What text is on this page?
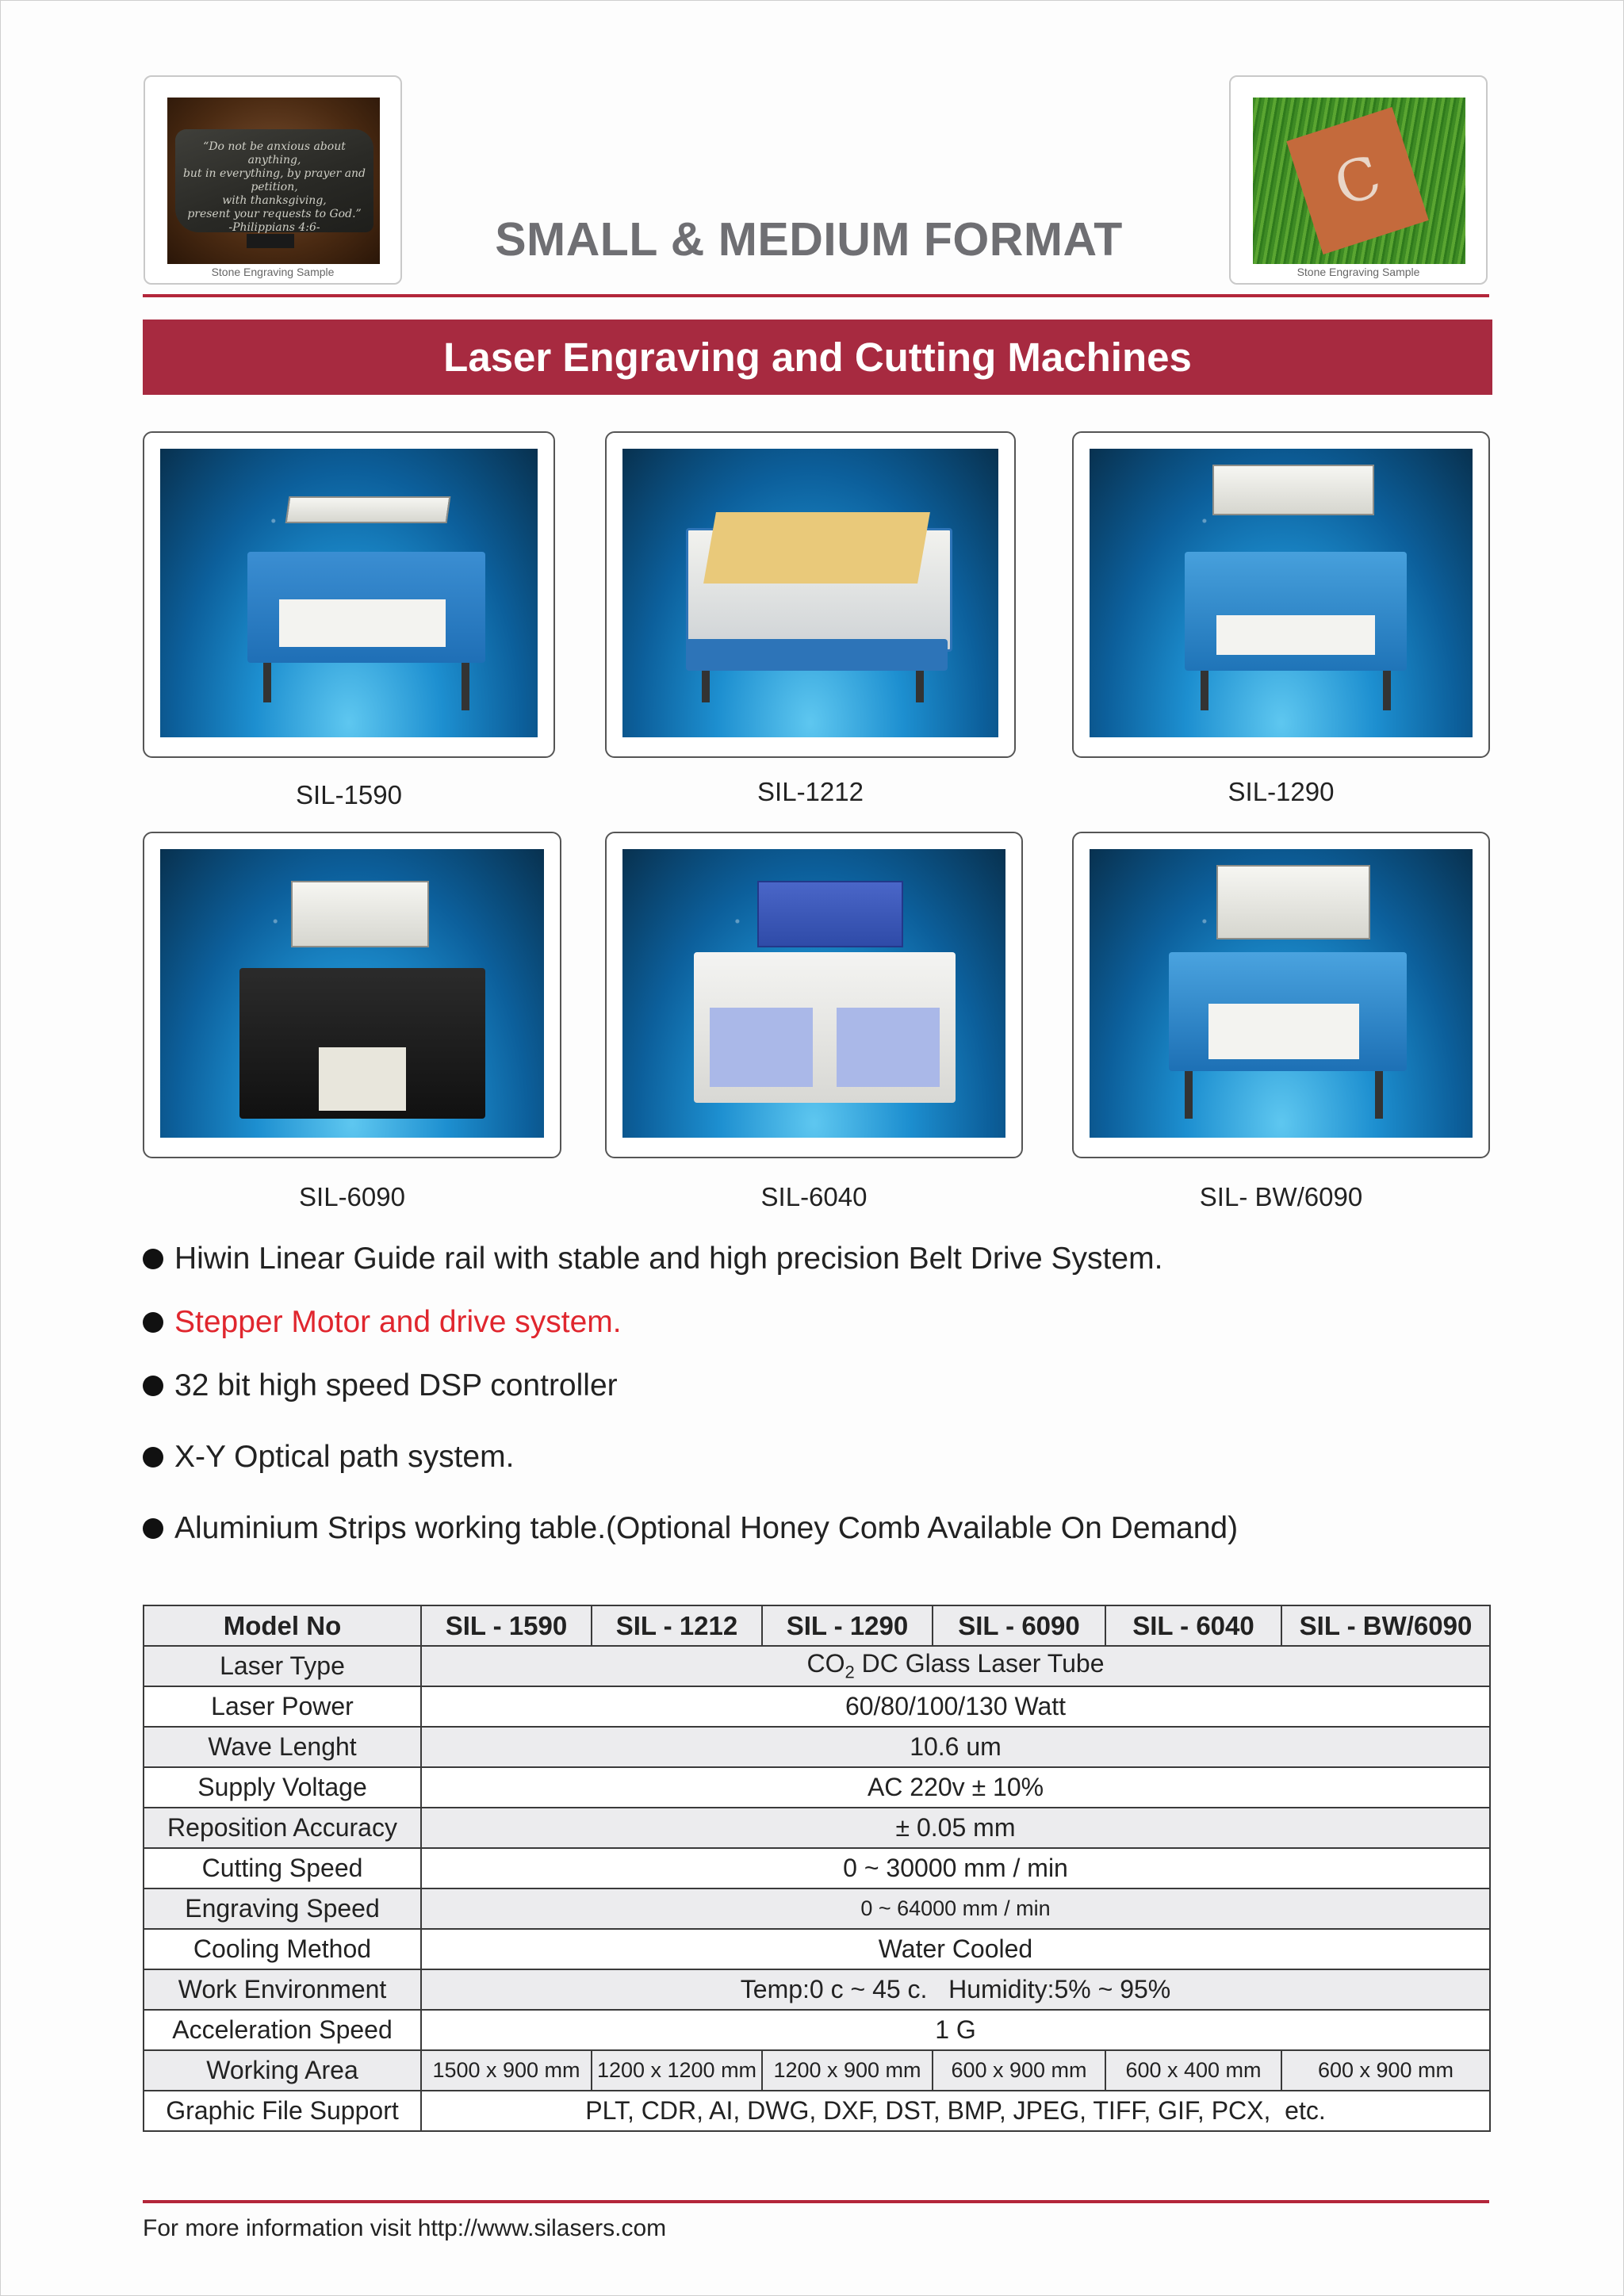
“Do not be anxious about anything,
but in everything, by prayer and petition,
with thanksgiving,
present your requests to God.”
-Philippians 4:6-
Stone Engraving Sample
C
Stone Engraving Sample
SMALL & MEDIUM FORMAT
Laser Engraving and Cutting Machines
SIL-1590	SIL-1212	SIL-1290
SIL-6090	SIL-6040	SIL- BW/6090
Hiwin Linear Guide rail with stable and high precision Belt Drive System.
Stepper Motor and drive system.
32 bit high speed DSP controller
X-Y Optical path system.
Aluminium Strips working table.(Optional Honey Comb Available On Demand)
Model No	SIL - 1590	SIL - 1212	SIL - 1290	SIL - 6090	SIL - 6040	SIL - BW/6090
Laser Type	$CO_2$ DC Glass Laser Tube					
Laser Power	60/80/100/130 Watt					
Wave Lenght	10.6 um					
Supply Voltage	AC 220v ± 10%					
Reposition Accuracy	± 0.05 mm					
Cutting Speed	0 ~ 30000 mm / min					
Engraving Speed	0 ~ 64000 mm / min					
Cooling Method	Water Cooled					
Work Environment	Temp:0 c ~ 45 c.   Humidity:5% ~ 95%					
Acceleration Speed	1 G					
Working Area	1500 x 900 mm	1200 x 1200 mm	1200 x 900 mm	600 x 900 mm	600 x 400 mm	600 x 900 mm
Graphic File Support	PLT, CDR, AI, DWG, DXF, DST, BMP, JPEG, TIFF, GIF, PCX,  etc.					
For more information visit http://www.silasers.com
